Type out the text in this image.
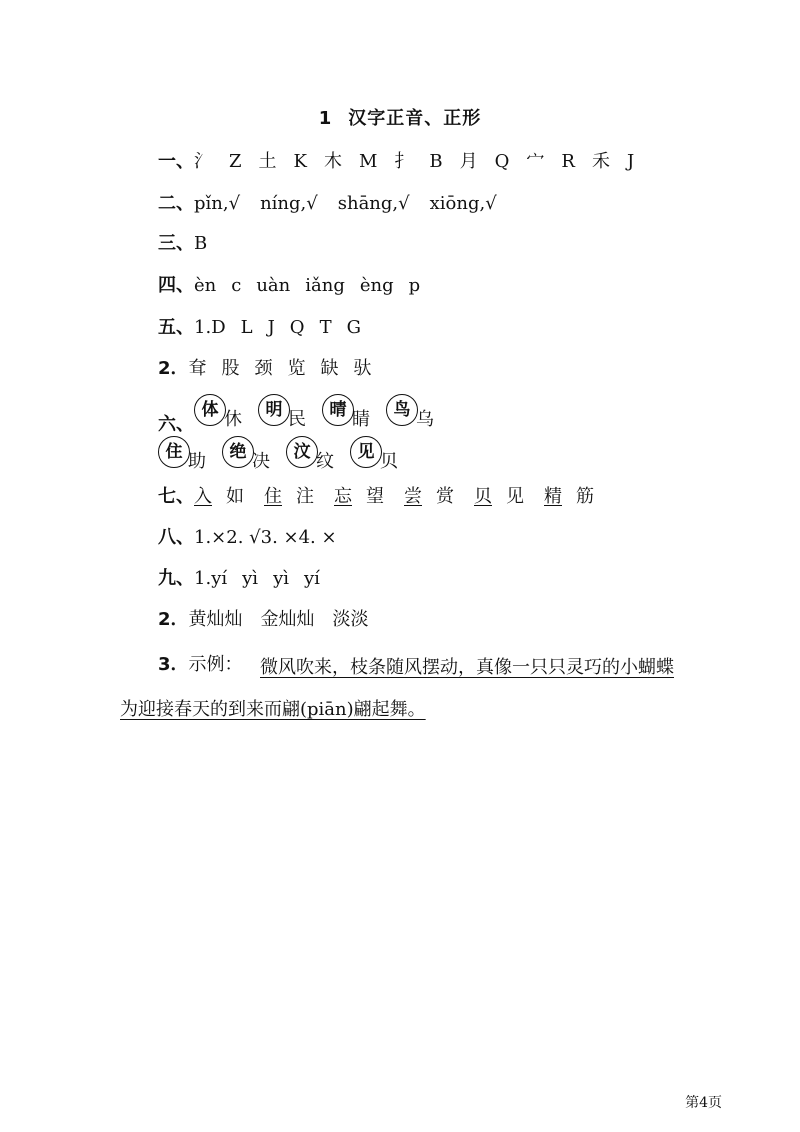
1 汉字正音、正形
一、氵 Z 土 K 木 M 扌 B 月 Q 宀 R 禾 J
二、pǐn,√ níng,√ shāng,√ xiōng,√
三、B
四、èn c uàn iǎng èng p
五、1.D L J Q T G
2．耷 股 颈 览 缺 驮
六、体 休 明 民 晴 睛 鸟 乌
住 助 绝 决 汶 纹 见 贝
七、入 如 住 注 忘 望 尝 赏 贝 见 精 筋
八、1.×2. √3. ×4. ×
九、1.yí yì yì yí
2．黄灿灿 金灿灿 淡淡
3．示例： 微风吹来，枝条随风摆动，真像一只只灵巧的小蝴蝶
为迎接春天的到来而翩(piān)翩起舞。
第4页
